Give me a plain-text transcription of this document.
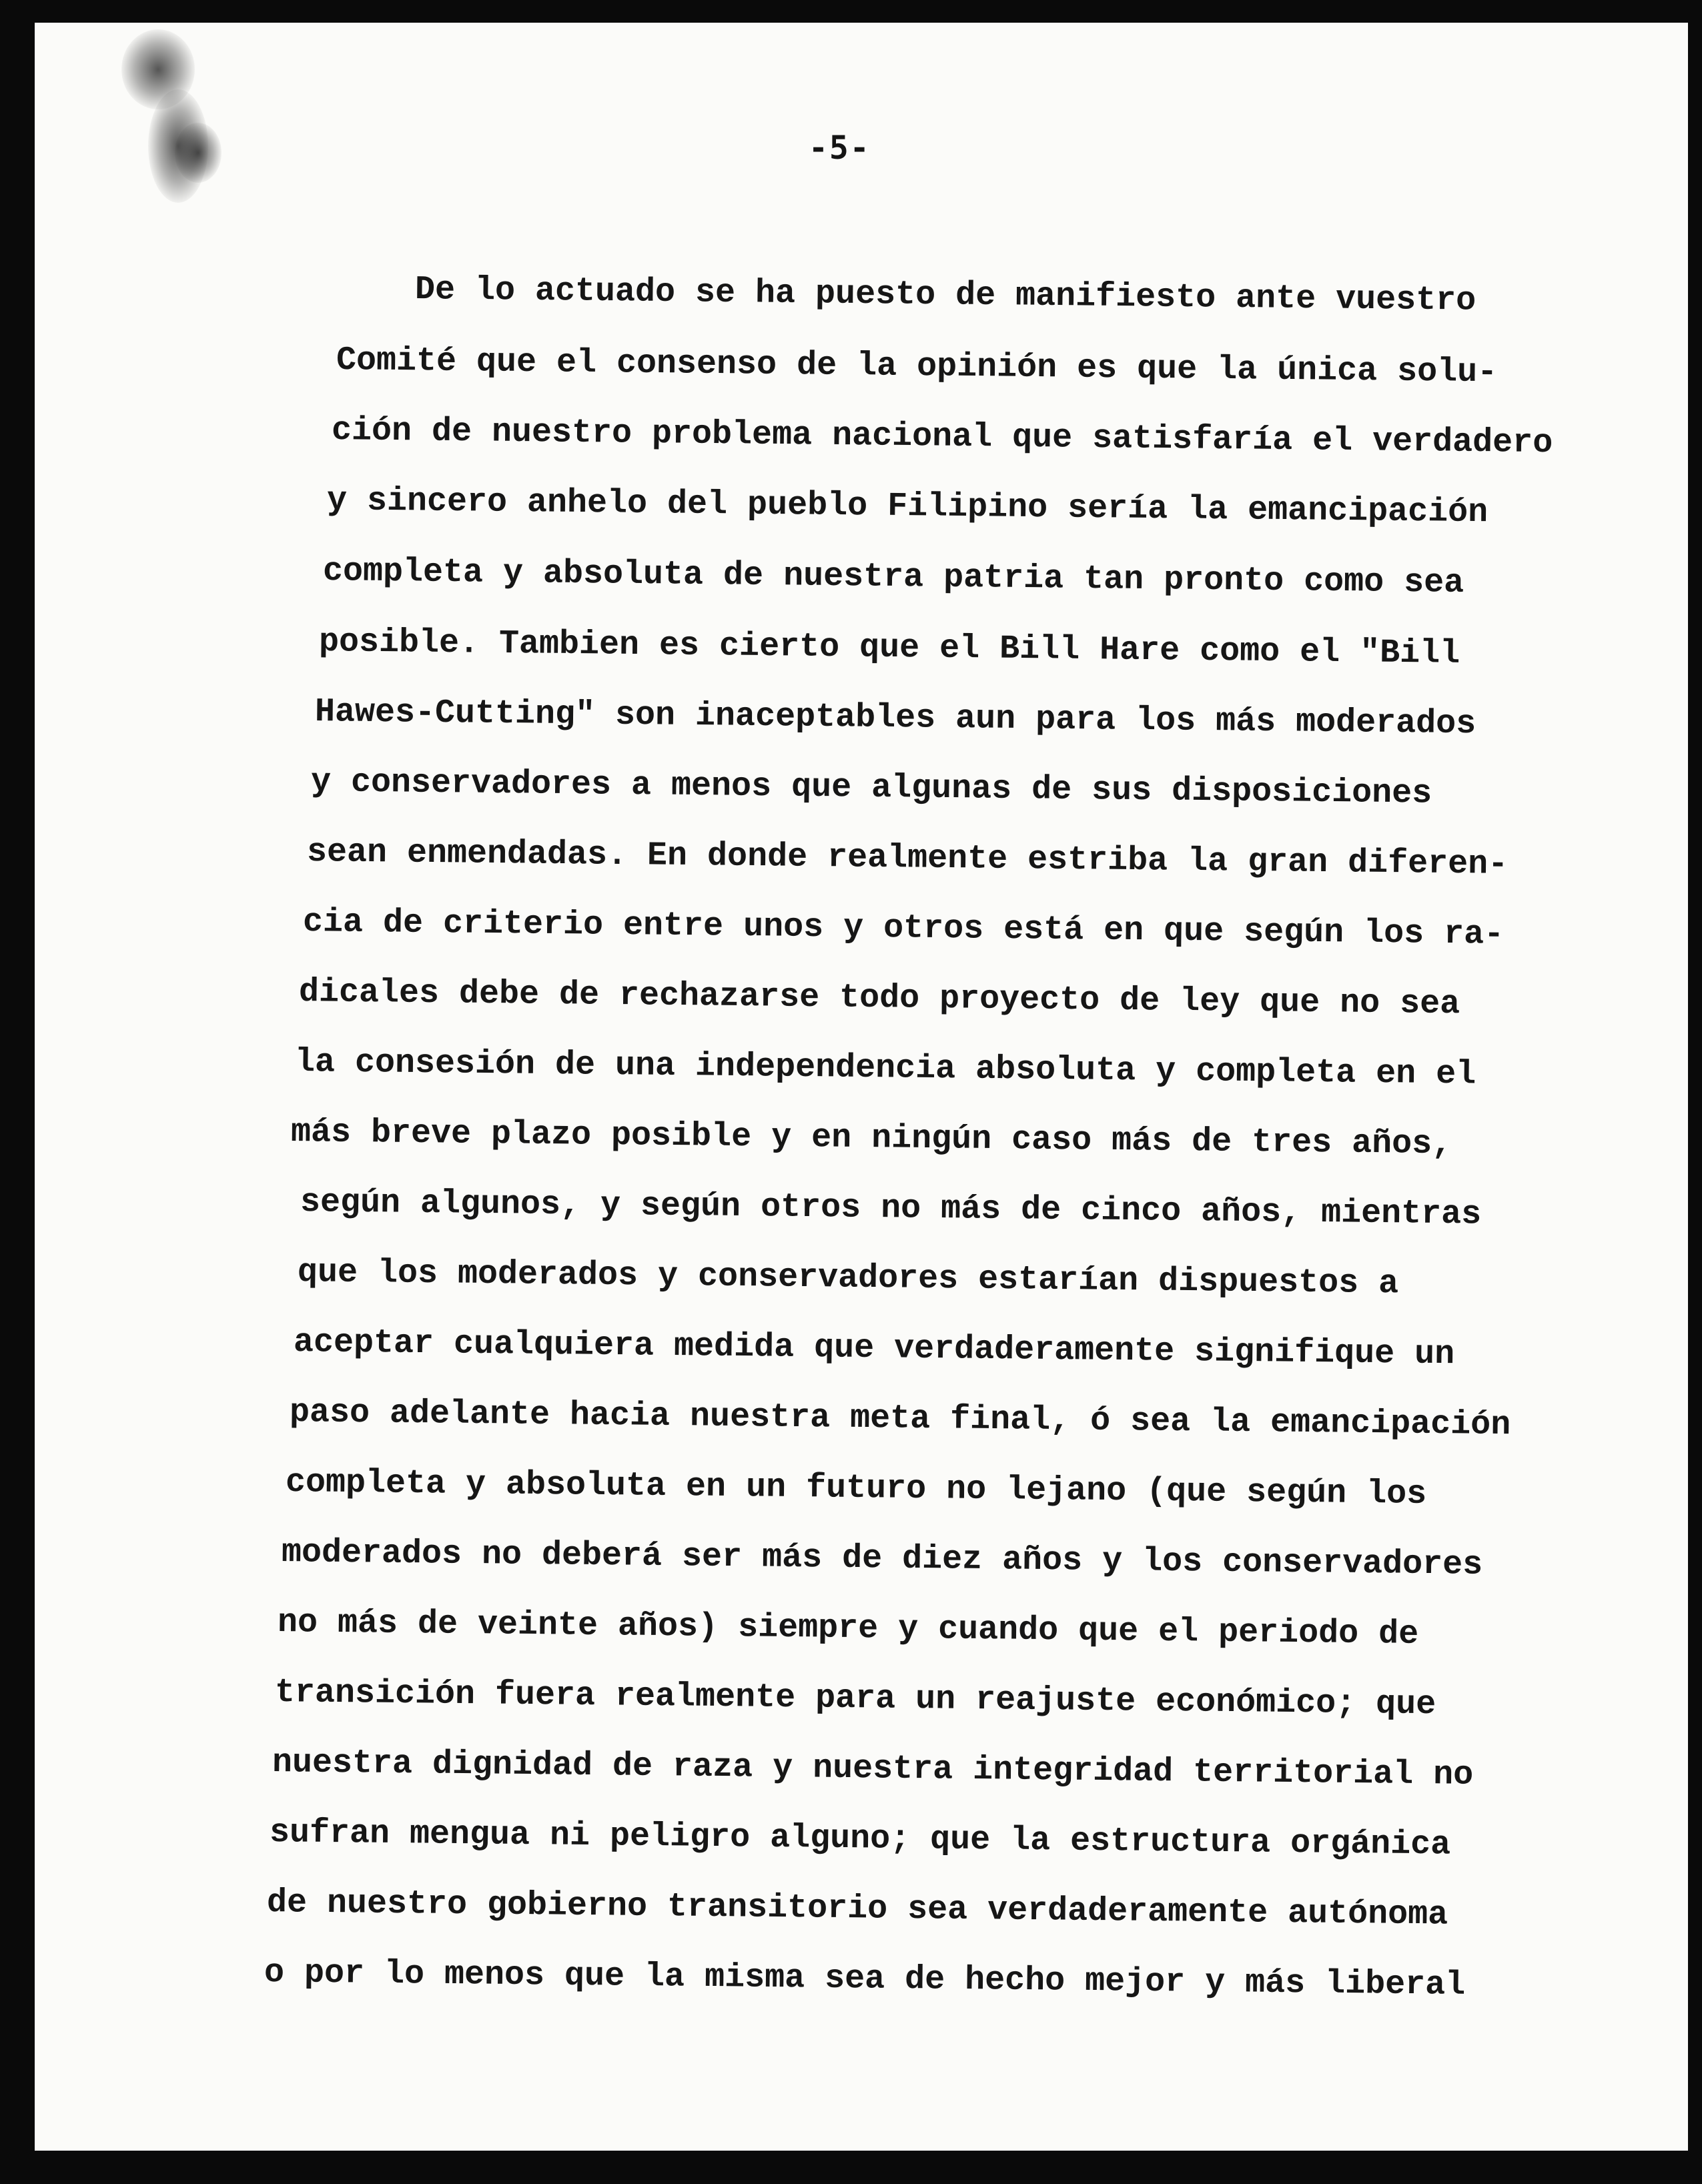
-5-
De lo actuado se ha puesto de manifiesto ante vuestro
Comité que el consenso de la opinión es que la única solu-
ción de nuestro problema nacional que satisfaría el verdadero
y sincero anhelo del pueblo Filipino sería la emancipación
completa y absoluta de nuestra patria tan pronto como sea
posible. Tambien es cierto que el Bill Hare como el "Bill
Hawes-Cutting" son inaceptables aun para los más moderados
y conservadores a menos que algunas de sus disposiciones
sean enmendadas. En donde realmente estriba la gran diferen-
cia de criterio entre unos y otros está en que según los ra-
dicales debe de rechazarse todo proyecto de ley que no sea
la consesión de una independencia absoluta y completa en el
más breve plazo posible y en ningún caso más de tres años,
según algunos, y según otros no más de cinco años, mientras
que los moderados y conservadores estarían dispuestos a
aceptar cualquiera medida que verdaderamente signifique un
paso adelante hacia nuestra meta final, ó sea la emancipación
completa y absoluta en un futuro no lejano (que según los
moderados no deberá ser más de diez años y los conservadores
no más de veinte años) siempre y cuando que el periodo de
transición fuera realmente para un reajuste económico; que
nuestra dignidad de raza y nuestra integridad territorial no
sufran mengua ni peligro alguno; que la estructura orgánica
de nuestro gobierno transitorio sea verdaderamente autónoma
o por lo menos que la misma sea de hecho mejor y más liberal
